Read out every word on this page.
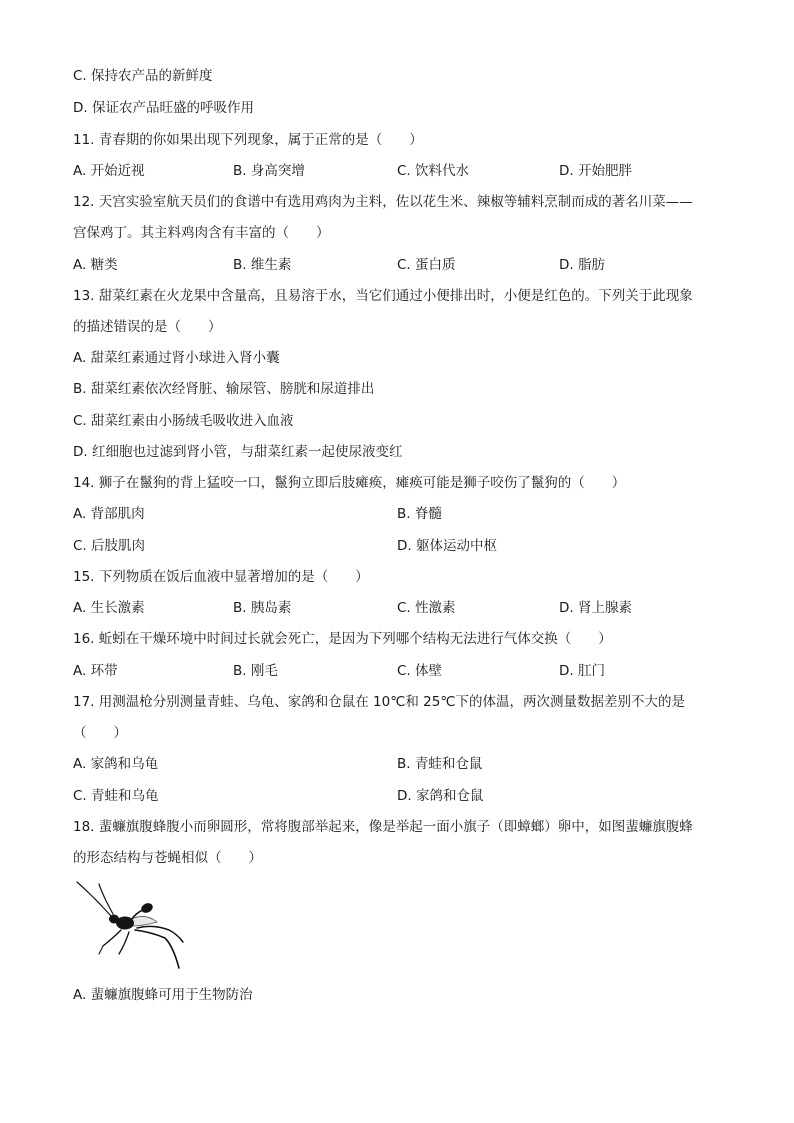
C. 保持农产品的新鲜度
D. 保证农产品旺盛的呼吸作用
11. 青春期的你如果出现下列现象，属于正常的是（　　）
A. 开始近视	B. 身高突增	C. 饮料代水	D. 开始肥胖
12. 天宫实验室航天员们的食谱中有选用鸡肉为主料，佐以花生米、辣椒等辅料烹制而成的著名川菜——
宫保鸡丁。其主料鸡肉含有丰富的（　　）
A. 糖类	B. 维生素	C. 蛋白质	D. 脂肪
13. 甜菜红素在火龙果中含量高，且易溶于水，当它们通过小便排出时，小便是红色的。下列关于此现象
的描述错误的是（　　）
A. 甜菜红素通过肾小球进入肾小囊
B. 甜菜红素依次经肾脏、输尿管、膀胱和尿道排出
C. 甜菜红素由小肠绒毛吸收进入血液
D. 红细胞也过滤到肾小管，与甜菜红素一起使尿液变红
14. 狮子在鬣狗的背上猛咬一口，鬣狗立即后肢瘫痪，瘫痪可能是狮子咬伤了鬣狗的（　　）
A. 背部肌肉	B. 脊髓
C. 后肢肌肉	D. 躯体运动中枢
15. 下列物质在饭后血液中显著增加的是（　　）
A. 生长激素	B. 胰岛素	C. 性激素	D. 肾上腺素
16. 蚯蚓在干燥环境中时间过长就会死亡，是因为下列哪个结构无法进行气体交换（　　）
A. 环带	B. 刚毛	C. 体壁	D. 肛门
17. 用测温枪分别测量青蛙、乌龟、家鸽和仓鼠在 10℃和 25℃下的体温，两次测量数据差别不大的是
（　　）
A. 家鸽和乌龟	B. 青蛙和仓鼠
C. 青蛙和乌龟	D. 家鸽和仓鼠
18. 蜚蠊旗腹蜂腹小而卵圆形，常将腹部举起来，像是举起一面小旗子（即蟑螂）卵中，如图蜚蠊旗腹蜂
的形态结构与苍蝇相似（　　）
A. 蜚蠊旗腹蜂可用于生物防治
